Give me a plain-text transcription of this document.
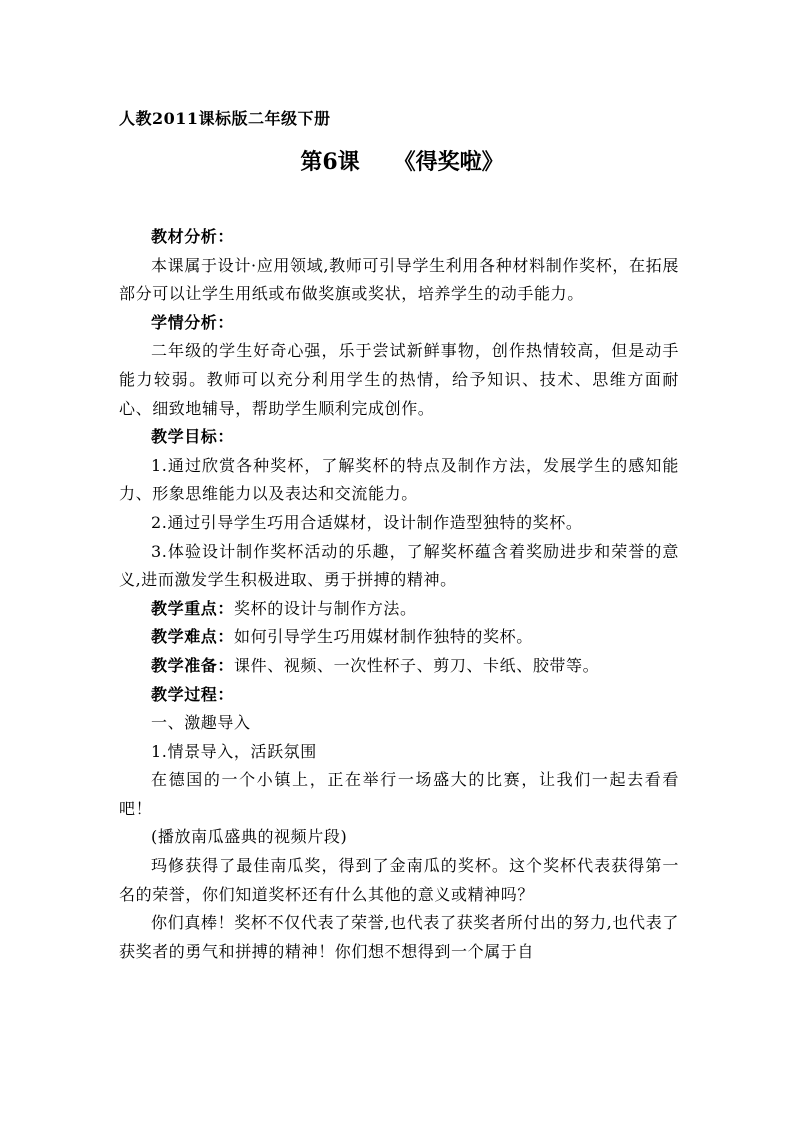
人教2011课标版二年级下册
第6课 《得奖啦》

教材分析：

本课属于设计·应用领域,教师可引导学生利用各种材料制作奖杯，在拓展部分可以让学生用纸或布做奖旗或奖状，培养学生的动手能力。

学情分析：

二年级的学生好奇心强，乐于尝试新鲜事物，创作热情较高，但是动手能力较弱。教师可以充分利用学生的热情，给予知识、技术、思维方面耐心、细致地辅导，帮助学生顺利完成创作。

教学目标：

1.通过欣赏各种奖杯，了解奖杯的特点及制作方法，发展学生的感知能力、形象思维能力以及表达和交流能力。

2.通过引导学生巧用合适媒材，设计制作造型独特的奖杯。

3.体验设计制作奖杯活动的乐趣，了解奖杯蕴含着奖励进步和荣誉的意义,进而激发学生积极进取、勇于拼搏的精神。

教学重点：奖杯的设计与制作方法。

教学难点：如何引导学生巧用媒材制作独特的奖杯。

教学准备：课件、视频、一次性杯子、剪刀、卡纸、胶带等。

教学过程：

一、激趣导入

1.情景导入，活跃氛围

在德国的一个小镇上，正在举行一场盛大的比赛，让我们一起去看看吧！

(播放南瓜盛典的视频片段)

玛修获得了最佳南瓜奖，得到了金南瓜的奖杯。这个奖杯代表获得第一名的荣誉，你们知道奖杯还有什么其他的意义或精神吗？

你们真棒！奖杯不仅代表了荣誉,也代表了获奖者所付出的努力,也代表了获奖者的勇气和拼搏的精神！你们想不想得到一个属于自
